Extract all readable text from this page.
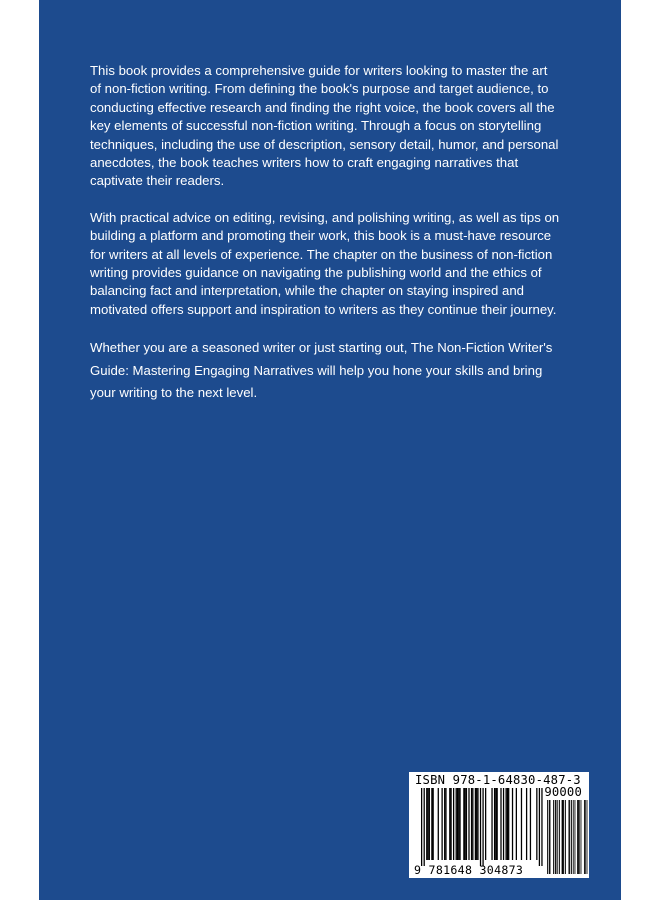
This book provides a comprehensive guide for writers looking to master the art of non-fiction writing. From defining the book's purpose and target audience, to conducting effective research and finding the right voice, the book covers all the key elements of successful non-fiction writing. Through a focus on storytelling techniques, including the use of description, sensory detail, humor, and personal anecdotes, the book teaches writers how to craft engaging narratives that captivate their readers.

With practical advice on editing, revising, and polishing writing, as well as tips on building a platform and promoting their work, this book is a must-have resource for writers at all levels of experience. The chapter on the business of non-fiction writing provides guidance on navigating the publishing world and the ethics of balancing fact and interpretation, while the chapter on staying inspired and motivated offers support and inspiration to writers as they continue their journey.

Whether you are a seasoned writer or just starting out, The Non-Fiction Writer's Guide: Mastering Engaging Narratives will help you hone your skills and bring your writing to the next level.

ISBN 978-1-64830-487-3
90000
9 781648 304873
